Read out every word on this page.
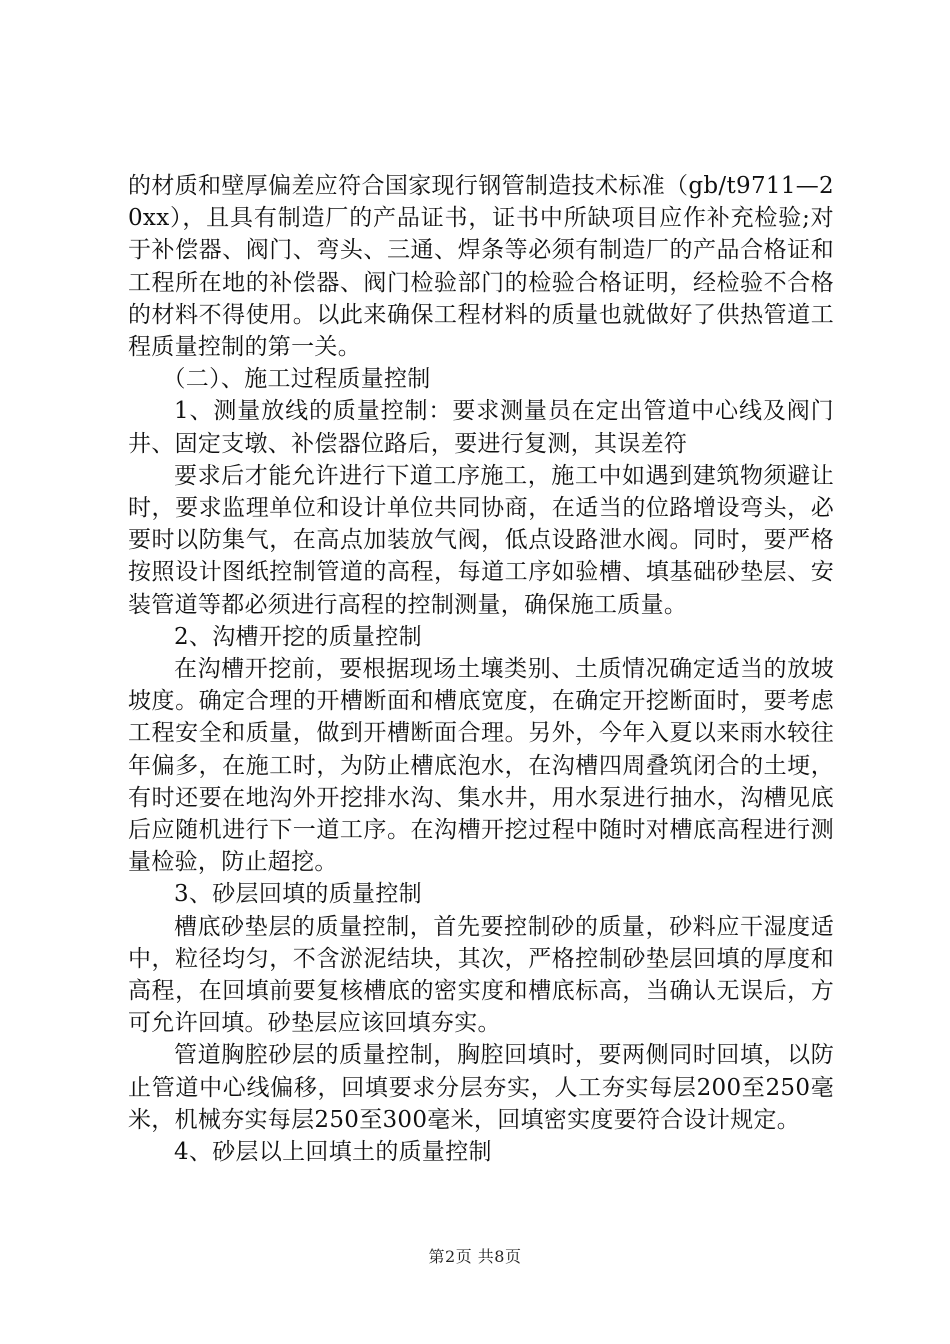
的材质和壁厚偏差应符合国家现行钢管制造技术标准（gb/t9711—20xx），且具有制造厂的产品证书，证书中所缺项目应作补充检验;对于补偿器、阀门、弯头、三通、焊条等必须有制造厂的产品合格证和工程所在地的补偿器、阀门检验部门的检验合格证明，经检验不合格的材料不得使用。以此来确保工程材料的质量也就做好了供热管道工程质量控制的第一关。

（二）、施工过程质量控制

1、测量放线的质量控制：要求测量员在定出管道中心线及阀门井、固定支墩、补偿器位路后，要进行复测，其误差符

要求后才能允许进行下道工序施工，施工中如遇到建筑物须避让时，要求监理单位和设计单位共同协商，在适当的位路增设弯头，必要时以防集气，在高点加装放气阀，低点设路泄水阀。同时，要严格按照设计图纸控制管道的高程，每道工序如验槽、填基础砂垫层、安装管道等都必须进行高程的控制测量，确保施工质量。

2、沟槽开挖的质量控制

在沟槽开挖前，要根据现场土壤类别、土质情况确定适当的放坡坡度。确定合理的开槽断面和槽底宽度，在确定开挖断面时，要考虑工程安全和质量，做到开槽断面合理。另外，今年入夏以来雨水较往年偏多，在施工时，为防止槽底泡水，在沟槽四周叠筑闭合的土埂，有时还要在地沟外开挖排水沟、集水井，用水泵进行抽水，沟槽见底后应随机进行下一道工序。在沟槽开挖过程中随时对槽底高程进行测量检验，防止超挖。

3、砂层回填的质量控制

槽底砂垫层的质量控制，首先要控制砂的质量，砂料应干湿度适中，粒径均匀，不含淤泥结块，其次，严格控制砂垫层回填的厚度和高程，在回填前要复核槽底的密实度和槽底标高，当确认无误后，方可允许回填。砂垫层应该回填夯实。

管道胸腔砂层的质量控制，胸腔回填时，要两侧同时回填，以防止管道中心线偏移，回填要求分层夯实，人工夯实每层200至250毫米，机械夯实每层250至300毫米，回填密实度要符合设计规定。

4、砂层以上回填土的质量控制

第2页 共8页
